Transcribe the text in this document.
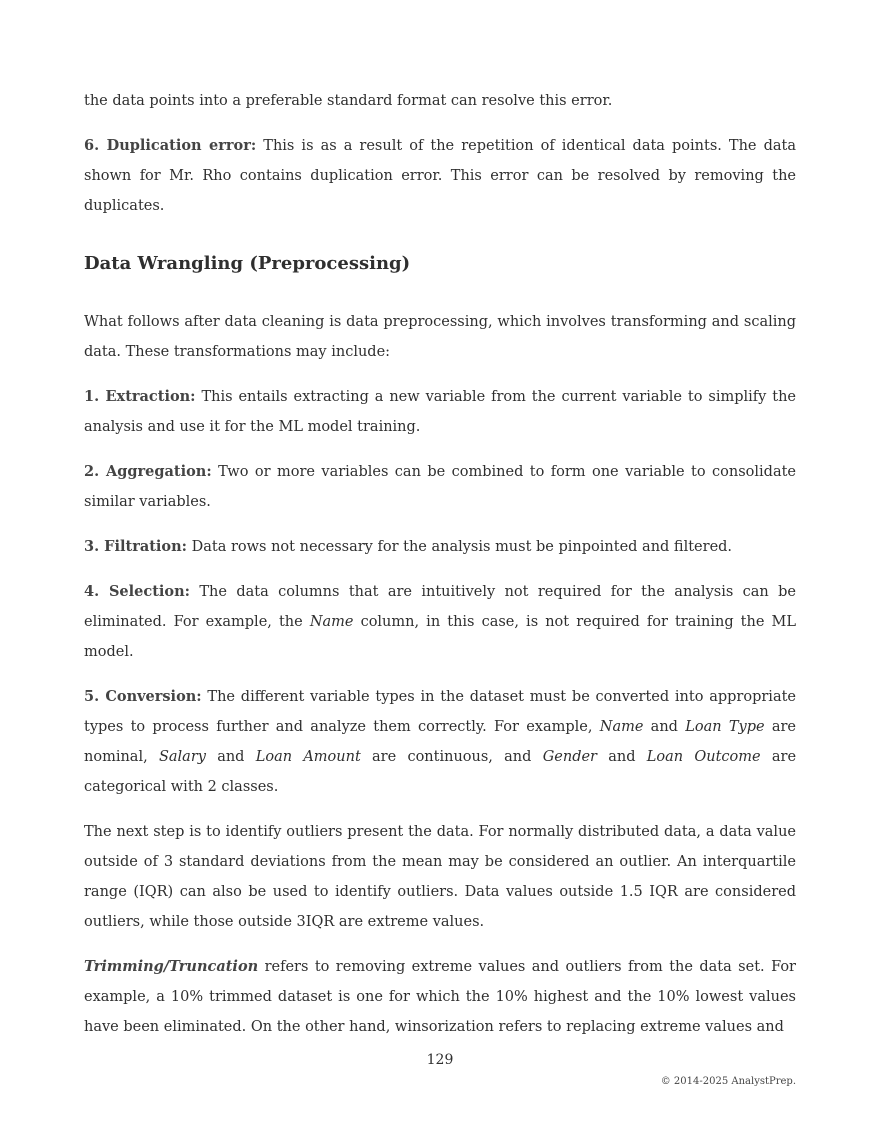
the data points into a preferable standard format can resolve this error.

6. Duplication error: This is as a result of the repetition of identical data points. The data shown for Mr. Rho contains duplication error. This error can be resolved by removing the duplicates.

Data Wrangling (Preprocessing)

What follows after data cleaning is data preprocessing, which involves transforming and scaling data. These transformations may include:

1. Extraction: This entails extracting a new variable from the current variable to simplify the analysis and use it for the ML model training.

2. Aggregation: Two or more variables can be combined to form one variable to consolidate similar variables.

3. Filtration: Data rows not necessary for the analysis must be pinpointed and filtered.

4. Selection: The data columns that are intuitively not required for the analysis can be eliminated. For example, the Name column, in this case, is not required for training the ML model.

5. Conversion: The different variable types in the dataset must be converted into appropriate types to process further and analyze them correctly. For example, Name and Loan Type are nominal, Salary and Loan Amount are continuous, and Gender and Loan Outcome are categorical with 2 classes.

The next step is to identify outliers present the data. For normally distributed data, a data value outside of 3 standard deviations from the mean may be considered an outlier. An interquartile range (IQR) can also be used to identify outliers. Data values outside 1.5 IQR are considered outliers, while those outside 3IQR are extreme values.

Trimming/Truncation refers to removing extreme values and outliers from the data set. For example, a 10% trimmed dataset is one for which the 10% highest and the 10% lowest values have been eliminated. On the other hand, winsorization refers to replacing extreme values and

129
© 2014-2025 AnalystPrep.
